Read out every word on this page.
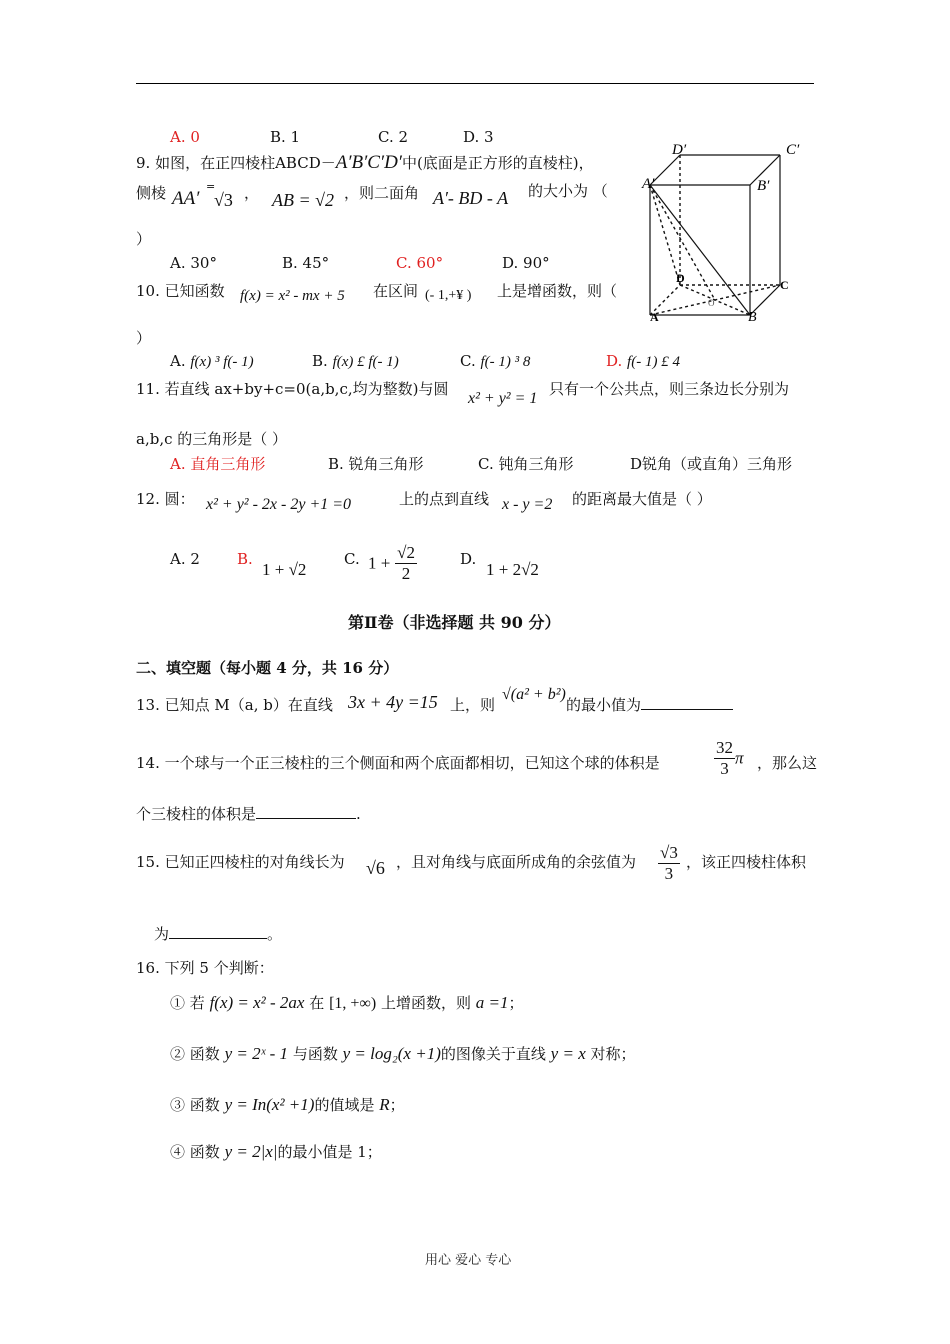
A. 0	B. 1	C. 2	D. 3
9. 如图，在正四棱柱ABCD－A′B′C′D′中(底面是正方形的直棱柱)，
侧棱 AA′
=
√3 ， AB = √2 ，则二面角 A′- BD - A 的大小为 （
）
A. 30°	B. 45°	C. 60°	D. 90°
D′	C′
A′	B′
D	C
A	B
O
10. 已知函数 f(x) = x² - mx + 5 在区间 (- 1,+¥ ) 上是增函数，则（
）
A. f(x) ³ f(- 1)	B. f(x) £ f(- 1)	C. f(- 1) ³ 8	D. f(- 1) £ 4
11. 若直线 ax+by+c=0(a,b,c,均为整数)与圆
x² + y² = 1
只有一个公共点，则三条边长分别为
a,b,c 的三角形是（ ）
A. 直角三角形	B. 锐角三角形	C. 钝角三角形	D锐角（或直角）三角形
12. 圆： x² + y² - 2x - 2y +1 =0	上的点到直线 x - y =2 的距离最大值是（ ）
A. 2 B.
1 + √2
C. $1 + \frac{√2}{2}$	D.
1 + 2√2
第Ⅱ卷（非选择题 共 90 分）
二、填空题（每小题 4 分，共 16 分）
13. 已知点 M（a, b）在直线 3x + 4y =15 上，则
√(a² + b²)
的最小值为
14. 一个球与一个正三棱柱的三个侧面和两个底面都相切，已知这个球的体积是	$\frac{32}{3}$ π ，那么这
个三棱柱的体积是	.
15. 已知正四棱柱的对角线长为 √6 ，且对角线与底面所成角的余弦值为 $\frac{√3}{3}$ ，该正四棱柱体积
为	。
16. 下列 5 个判断：
① 若 f(x) = x² - 2ax 在 [1, +∞) 上增函数，则 a =1；
② 函数 y = 2ˣ - 1 与函数 y = log₂(x +1)的图像关于直线 y = x 对称；
③ 函数 y = In(x² +1)的值域是 R；
④ 函数 y = 2|x|的最小值是 1；
用心 爱心 专心
